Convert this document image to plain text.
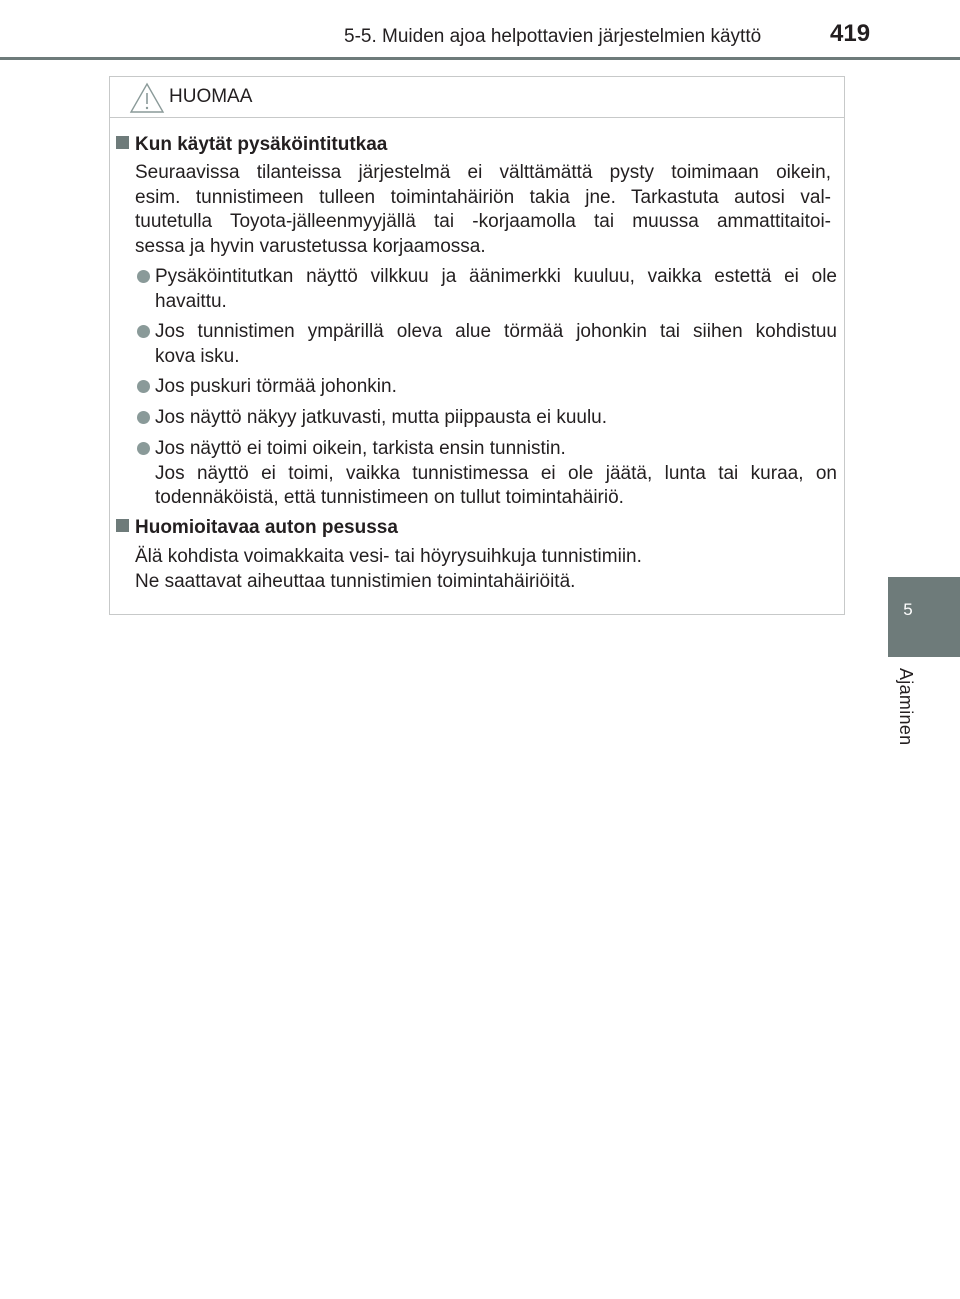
5-5. Muiden ajoa helpottavien järjestelmien käyttö	419
5
Ajaminen
HUOMAA
Kun käytät pysäköintitutkaa
Seuraavissa tilanteissa järjestelmä ei välttämättä pysty toimimaan oikein,
esim. tunnistimeen tulleen toimintahäiriön takia jne. Tarkastuta autosi val-
tuutetulla Toyota-jälleenmyyjällä tai -korjaamolla tai muussa ammattitaitoi-
sessa ja hyvin varustetussa korjaamossa.
Pysäköintitutkan näyttö vilkkuu ja äänimerkki kuuluu, vaikka estettä ei ole
havaittu.
Jos tunnistimen ympärillä oleva alue törmää johonkin tai siihen kohdistuu
kova isku.
Jos puskuri törmää johonkin.
Jos näyttö näkyy jatkuvasti, mutta piippausta ei kuulu.
Jos näyttö ei toimi oikein, tarkista ensin tunnistin.
Jos näyttö ei toimi, vaikka tunnistimessa ei ole jäätä, lunta tai kuraa, on
todennäköistä, että tunnistimeen on tullut toimintahäiriö.
Huomioitavaa auton pesussa
Älä kohdista voimakkaita vesi- tai höyrysuihkuja tunnistimiin.
Ne saattavat aiheuttaa tunnistimien toimintahäiriöitä.
